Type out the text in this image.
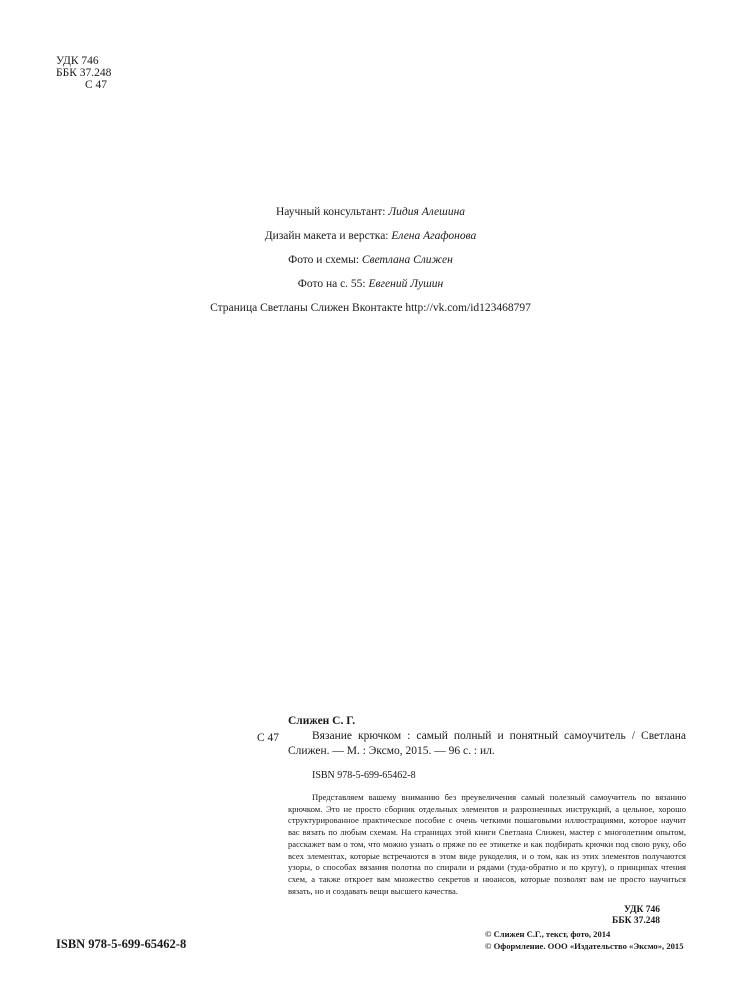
УДК 746
ББК 37.248
С 47
Научный консультант: Лидия Алешина
Дизайн макета и верстка: Елена Агафонова
Фото и схемы: Светлана Слижен
Фото на с. 55: Евгений Лушин
Страница Светланы Слижен Вконтакте http://vk.com/id123468797
С 47
Слижен С. Г.
Вязание крючком : самый полный и понятный самоучитель / Светлана Слижен. — М. : Эксмо, 2015. — 96 с. : ил.
ISBN 978-5-699-65462-8
Представляем вашему вниманию без преувеличения самый полезный самоучитель по вязанию крючком. Это не просто сборник отдельных элементов и разрозненных инструкций, а цельное, хорошо структурированное практическое пособие с очень четкими пошаговыми иллюстрациями, которое научит вас вязать по любым схемам. На страницах этой книги Светлана Слижен, мастер с многолетним опытом, расскажет вам о том, что можно узнать о пряже по ее этикетке и как подбирать крючки под свою руку, обо всех элементах, которые встречаются в этом виде рукоделия, и о том, как из этих элементов получаются узоры, о способах вязания полотна по спирали и рядами (туда-обратно и по кругу), о принципах чтения схем, а также откроет вам множество секретов и нюансов, которые позволят вам не просто научиться вязать, но и создавать вещи высшего качества.
УДК 746
ББК 37.248
ISBN 978-5-699-65462-8
© Слижен С.Г., текст, фото, 2014
© Оформление. ООО «Издательство «Эксмо», 2015
